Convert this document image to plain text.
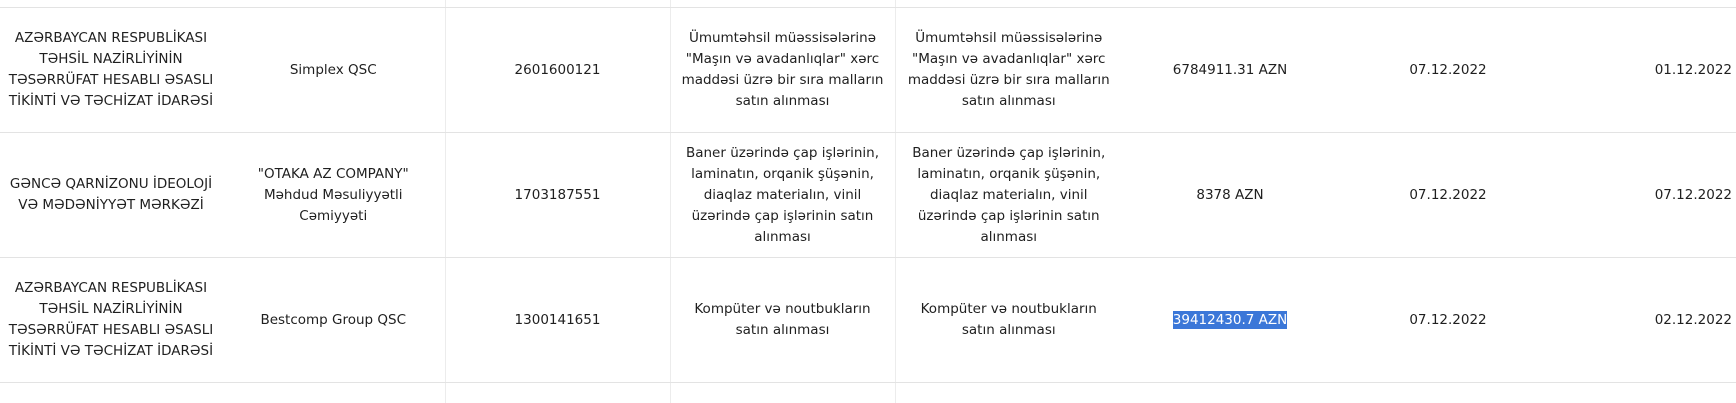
AZƏRBAYCAN RESPUBLİKASI TƏHSİL NAZİRLİYİNİN TƏSƏRRÜFAT HESABLI ƏSASLI TİKİNTİ VƏ TƏCHİZAT İDARƏSİ	Simplex QSC	2601600121	Ümumtəhsil müəssisələrinə "Maşın və avadanlıqlar" xərc maddəsi üzrə bir sıra malların satın alınması	Ümumtəhsil müəssisələrinə "Maşın və avadanlıqlar" xərc maddəsi üzrə bir sıra malların satın alınması	6784911.31 AZN	07.12.2022	01.12.2022
GƏNCƏ QARNİZONU İDEOLOJİ VƏ MƏDƏNİYYƏT MƏRKƏZİ	"OTAKA AZ COMPANY" Məhdud Məsuliyyətli Cəmiyyəti	1703187551	Baner üzərində çap işlərinin, laminatın, orqanik şüşənin, diaqlaz materialın, vinil üzərində çap işlərinin satın alınması	Baner üzərində çap işlərinin, laminatın, orqanik şüşənin, diaqlaz materialın, vinil üzərində çap işlərinin satın alınması	8378 AZN	07.12.2022	07.12.2022
AZƏRBAYCAN RESPUBLİKASI TƏHSİL NAZİRLİYİNİN TƏSƏRRÜFAT HESABLI ƏSASLI TİKİNTİ VƏ TƏCHİZAT İDARƏSİ	Bestcomp Group QSC	1300141651	Kompüter və noutbukların satın alınması	Kompüter və noutbukların satın alınması	39412430.7 AZN	07.12.2022	02.12.2022
